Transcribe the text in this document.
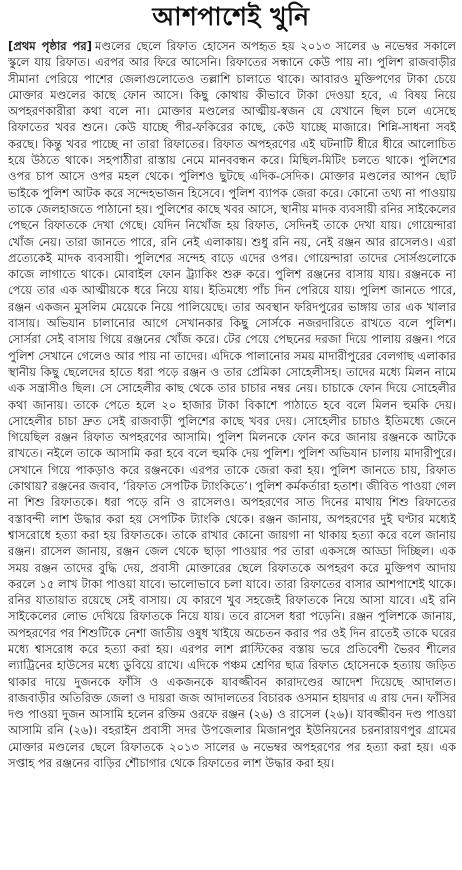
আশপাশেই খুনি

[প্রথম পৃষ্ঠার পর] মণ্ডলের ছেলে রিফাত হোসেন অপহৃত হয় ২০১৩ সালের ৬ নভেম্বর সকালে স্কুলে যায় রিফাত। এরপর আর ফিরে আসেনি। রিফাতের সন্ধানে কেউ পায় না। পুলিশ রাজবাড়ীর সীমানা পেরিয়ে পাশের জেলাগুলোতেও তল্লাশি চালাতে থাকে। আবারও মুক্তিপণের টাকা চেয়ে মোক্তার মণ্ডলের কাছে ফোন আসে। কিছু কোথায় কীভাবে টাকা দেওয়া হবে, এ বিষয় নিয়ে অপহরণকারীরা কথা বলে না। মোক্তার মণ্ডলের আত্মীয়-স্বজন যে যেখানে ছিল চলে এসেছে রিফাতের খবর শুনে। কেউ যাচ্ছে পীর-ফকিরের কাছে, কেউ যাচ্ছে মাজারে। শিন্নি-সাধনা সবই করছে। কিন্তু খবর পাচ্ছে না তারা রিফাতের। রিফাত অপহরণের এই ঘটনাটি ধীরে ধীরে আলোচিত হয়ে উঠতে থাকে। সহপাঠীরা রাস্তায় নেমে মানববন্ধন করে। মিছিল-মিটিং চলতে থাকে। পুলিশের ওপর চাপ আসে ওপর মহল থেকে। পুলিশও ছুটছে এদিক-সেদিক। মোক্তার মণ্ডলের আপন ছোট ভাইকে পুলিশ আটক করে সন্দেহভাজন হিসেবে। পুলিশ ব্যাপক জেরা করে। কোনো তথ্য না পাওয়ায় তাকে জেলহাজতে পাঠানো হয়। পুলিশের কাছে খবর আসে, স্থানীয় মাদক ব্যবসায়ী রনির সাইকেলের পেছনে রিফাতকে দেখা গেছে। যেদিন নিখোঁজ হয় রিফাত, সেদিনই তাকে দেখা যায়। গোয়েন্দারা খোঁজ নেয়। তারা জানতে পারে, রনি নেই এলাকায়। শুধু রনি নয়, নেই রঞ্জন আর রাসেলও। এরা প্রত্যেকেই মাদক ব্যবসায়ী। পুলিশের সন্দেহ বাড়ে এদের ওপর। গোয়েন্দারা তাদের সোর্সগুলোকে কাজে লাগাতে থাকে। মোবাইল ফোন ট্র্যাকিং শুরু করে। পুলিশ রঞ্জনের বাসায় যায়। রঞ্জনকে না পেয়ে তার এক আত্মীয়কে ধরে নিয়ে যায়। ইতিমধ্যে পাঁচ দিন পেরিয়ে যায়। পুলিশ জানতে পারে, রঞ্জন একজন মুসলিম মেয়েকে নিয়ে পালিয়েছে। তার অবস্থান ফরিদপুরের ভাঙ্গায় তার এক খালার বাসায়। অভিযান চালানোর আগে সেখানকার কিছু সোর্সকে নজরদারিতে রাখতে বলে পুলিশ। সোর্সরা সেই বাসায় গিয়ে রঞ্জনের খোঁজ করে। টের পেয়ে পেছনের দরজা দিয়ে পালায় রঞ্জন। পরে পুলিশ সেখানে গেলেও আর পায় না তাদের। এদিকে পালানোর সময় মাদারীপুরের বেলগাছ এলাকার স্থানীয় কিছু ছেলেদের হাতে ধরা পড়ে রঞ্জন ও তার প্রেমিকা সোহেলীসহ। তাদের মধ্যে মিলন নামে এক সন্ত্রাসীও ছিল। সে সোহেলীর কাছ থেকে তার চাচার নম্বর নেয়। চাচাকে ফোন দিয়ে সোহেলীর কথা জানায়। তাকে পেতে হলে ২০ হাজার টাকা বিকাশে পাঠাতে হবে বলে মিলন হুমকি দেয়। সোহেলীর চাচা দ্রুত সেই রাজবাড়ী পুলিশের কাছে খবর দেয়। সোহেলীর চাচাও ইতিমধ্যে জেনে গিয়েছিল রঞ্জন রিফাত অপহরণের আসামি। পুলিশ মিলনকে ফোন করে জানায় রঞ্জনকে আটকে রাখতে। নইলে তাকে আসামি করা হবে বলে হুমকি দেয় পুলিশ। পুলিশ অভিযান চালায় মাদারীপুরে। সেখানে গিয়ে পাকড়াও করে রঞ্জনকে। এরপর তাকে জেরা করা হয়। পুলিশ জানতে চায়, রিফাত কোথায়? রঞ্জনের জবাব, ‘রিফাত সেপটিক ট্যাংকিতে’। পুলিশ কর্মকর্তারা হতাশ। জীবিত পাওয়া গেল না শিশু রিফাতকে। ধরা পড়ে রনি ও রাসেলও। অপহরণের সাত দিনের মাথায় শিশু রিফাতের বস্তাবন্দী লাশ উদ্ধার করা হয় সেপটিক ট্যাংকি থেকে। রঞ্জন জানায়, অপহরণের দুই ঘণ্টার মধ্যেই শ্বাসরোধে হত্যা করা হয় রিফাতকে। তাকে রাখার কোনো জায়গা না থাকায় হত্যা করে বলে জানায় রঞ্জন। রাসেল জানায়, রঞ্জন জেল থেকে ছাড়া পাওয়ার পর তারা একসঙ্গে আড্ডা দিচ্ছিল। এক সময় রঞ্জন তাদের বুদ্ধি দেয়, প্রবাসী মোক্তারের ছেলে রিফাতকে অপহরণ করে মুক্তিপণ আদায় করলে ১৫ লাখ টাকা পাওয়া যাবে। ভালোভাবে চলা যাবে। তারা রিফাতের বাসার আশপাশেই থাকে। রনির যাতায়াত রয়েছে সেই বাসায়। যে কারণে খুব সহজেই রিফাতকে নিয়ে আসা যাবে। এই রনি সাইকেলের লোভ দেখিয়ে রিফাতকে নিয়ে যায়। তবে রাসেল ধরা পড়েনি। রঞ্জন পুলিশকে জানায়, অপহরণের পর শিশুটিকে নেশা জাতীয় ওষুধ খাইয়ে অচেতন করার পর ওই দিন রাতেই তাকে ঘরের মধ্যে শ্বাসরোধ করে হত্যা করা হয়। এরপর লাশ প্লাস্টিকের বস্তায় ভরে প্রতিবেশী ভৈরব শীলের ল্যাট্রিনের হাউসের মধ্যে ডুবিয়ে রাখে। এদিকে পঞ্চম শ্রেণির ছাত্র রিফাত হোসেনকে হত্যায় জড়িত থাকার দায়ে দুজনকে ফাঁসি ও একজনকে যাবজ্জীবন কারাদণ্ডের আদেশ দিয়েছে আদালত। রাজবাড়ীর অতিরিক্ত জেলা ও দায়রা জজ আদালতের বিচারক ওসমান হায়দার এ রায় দেন। ফাঁসির দণ্ড পাওয়া দুজন আসামি হলেন রক্তিম ওরফে রঞ্জন (২৬) ও রাসেল (২৬)। যাবজ্জীবন দণ্ড পাওয়া আসামি রনি (২৬)। বহরাইন প্রবাসী সদর উপজেলার মিজানপুর ইউনিয়নের চরনারায়ণপুর গ্রামের মোক্তার মণ্ডলের ছেলে রিফাতকে ২০১৩ সালের ৬ নভেম্বর অপহরণের পর হত্যা করা হয়। এক সপ্তাহ পর রঞ্জনের বাড়ির শৌচাগার থেকে রিফাতের লাশ উদ্ধার করা হয়।
